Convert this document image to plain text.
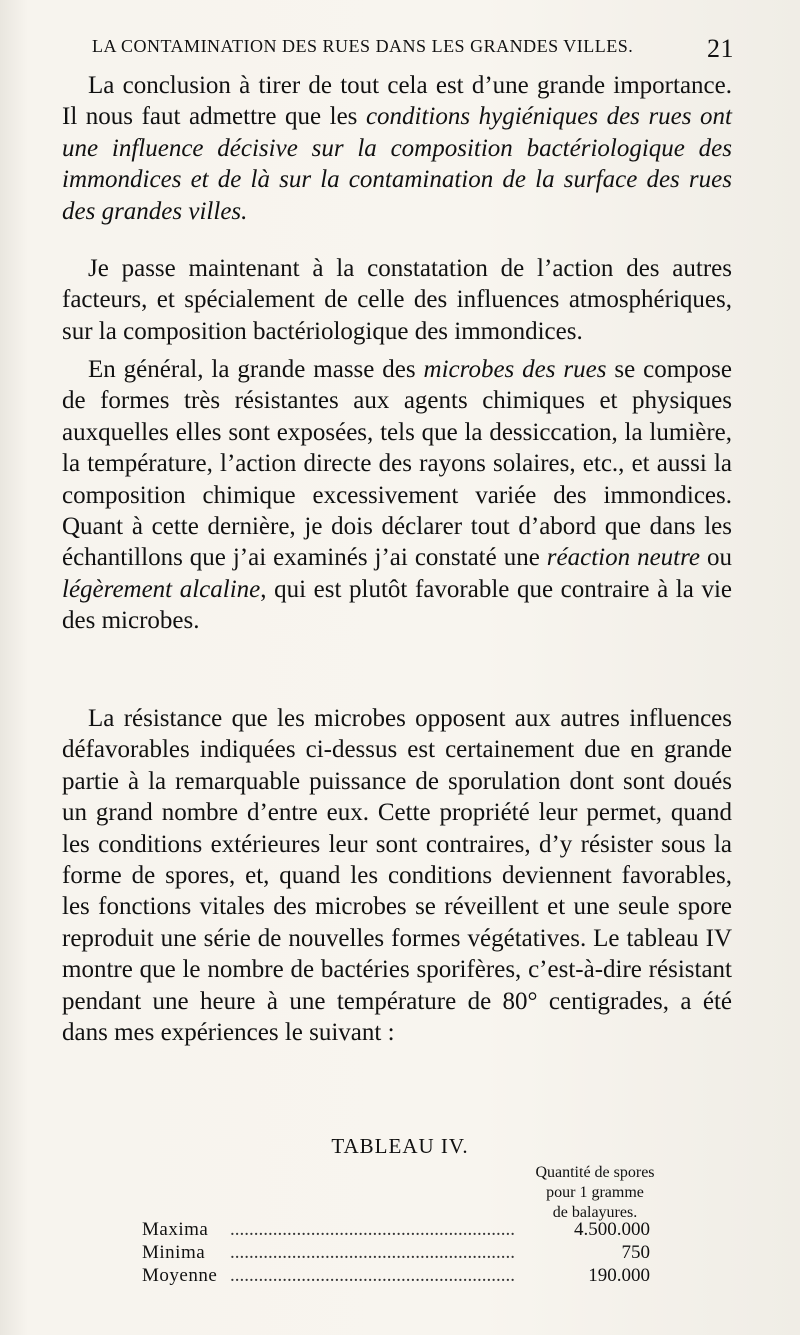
LA CONTAMINATION DES RUES DANS LES GRANDES VILLES.	21
La conclusion à tirer de tout cela est d’une grande importance. Il nous faut admettre que les conditions hygiéniques des rues ont une influence décisive sur la composition bactériologique des immondices et de là sur la contamination de la surface des rues des grandes villes.
Je passe maintenant à la constatation de l’action des autres facteurs, et spécialement de celle des influences atmosphériques, sur la composition bactériologique des immondices.
En général, la grande masse des microbes des rues se compose de formes très résistantes aux agents chimiques et physiques auxquelles elles sont exposées, tels que la dessiccation, la lumière, la température, l’action directe des rayons solaires, etc., et aussi la composition chimique excessivement variée des immondices. Quant à cette dernière, je dois déclarer tout d’abord que dans les échantillons que j’ai examinés j’ai constaté une réaction neutre ou légèrement alcaline, qui est plutôt favorable que contraire à la vie des microbes.
La résistance que les microbes opposent aux autres influences défavorables indiquées ci-dessus est certainement due en grande partie à la remarquable puissance de sporulation dont sont doués un grand nombre d’entre eux. Cette propriété leur permet, quand les conditions extérieures leur sont contraires, d’y résister sous la forme de spores, et, quand les conditions deviennent favorables, les fonctions vitales des microbes se réveillent et une seule spore reproduit une série de nouvelles formes végétatives. Le tableau IV montre que le nombre de bactéries sporifères, c’est-à-dire résistant pendant une heure à une température de 80° centigrades, a été dans mes expériences le suivant :
TABLEAU IV.
Quantité de spores
pour 1 gramme
de balayures.
Maxima ............................................................	4.500.000
Minima ............................................................	750
Moyenne ............................................................	190.000
